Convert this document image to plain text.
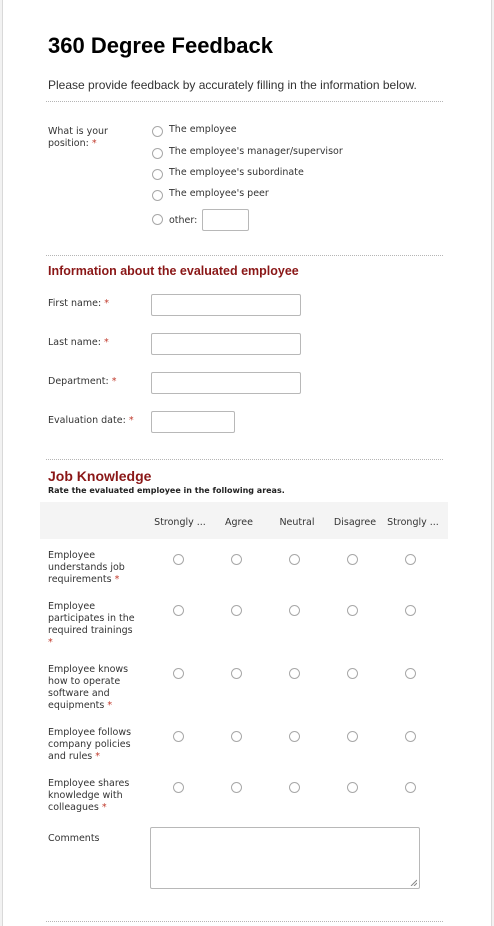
360 Degree Feedback
Please provide feedback by accurately filling in the information below.
What is your position: *
The employee
The employee's manager/supervisor
The employee's subordinate
The employee's peer
other:
Information about the evaluated employee
First name: *
Last name: *
Department: *
Evaluation date: *
Job Knowledge
Rate the evaluated employee in the following areas.
Strongly ...	Agree	Neutral	Disagree	Strongly ...
Employee understands job requirements *
Employee participates in the required trainings *
Employee knows how to operate software and equipments *
Employee follows company policies and rules *
Employee shares knowledge with colleagues *
Comments
